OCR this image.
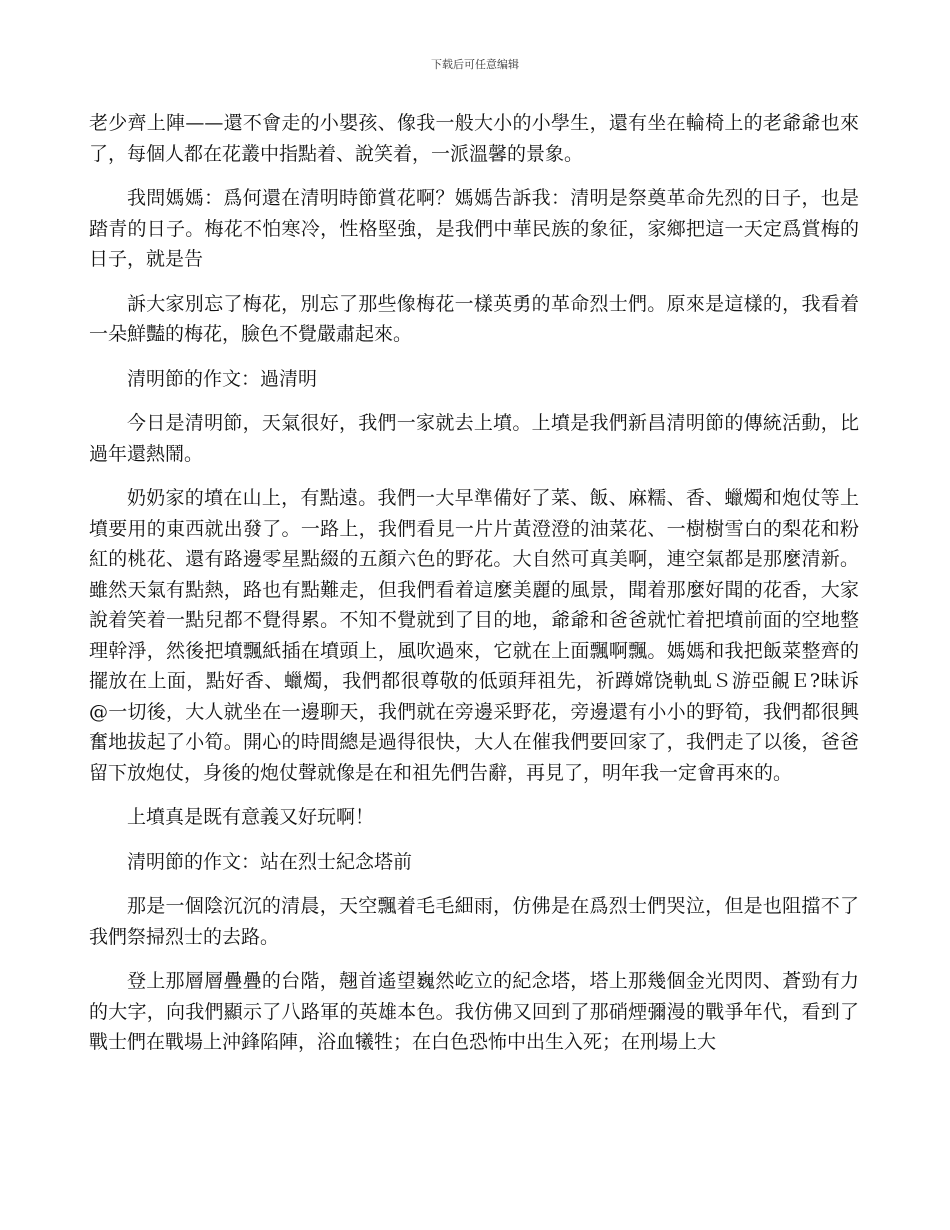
下载后可任意编辑

老少齊上陣——還不會走的小嬰孩、像我一般大小的小學生，還有坐在輪椅上的老爺爺也來了，每個人都在花叢中指點着、說笑着，一派溫馨的景象。

我問媽媽：爲何還在清明時節賞花啊？媽媽告訴我：清明是祭奠革命先烈的日子，也是踏青的日子。梅花不怕寒冷，性格堅強，是我們中華民族的象征，家鄉把這一天定爲賞梅的日子，就是告

訴大家別忘了梅花，別忘了那些像梅花一樣英勇的革命烈士們。原來是這樣的，我看着一朵鮮豔的梅花，臉色不覺嚴肅起來。

清明節的作文：過清明

今日是清明節，天氣很好，我們一家就去上墳。上墳是我們新昌清明節的傳統活動，比過年還熱鬧。

奶奶家的墳在山上，有點遠。我們一大早準備好了菜、飯、麻糯、香、蠟燭和炮仗等上墳要用的東西就出發了。一路上，我們看見一片片黃澄澄的油菜花、一樹樹雪白的梨花和粉紅的桃花、還有路邊零星點綴的五顏六色的野花。大自然可真美啊，連空氣都是那麼清新。雖然天氣有點熱，路也有點難走，但我們看着這麼美麗的風景，聞着那麼好聞的花香，大家說着笑着一點兒都不覺得累。不知不覺就到了目的地，爺爺和爸爸就忙着把墳前面的空地整理幹淨，然後把墳飄紙插在墳頭上，風吹過來，它就在上面飄啊飄。媽媽和我把飯菜整齊的擺放在上面，點好香、蠟燭，我們都很尊敬的低頭拜祖先，祈蹲嫦饶軌虬Ｓ游亞覦Ｅ?昧诉@一切後，大人就坐在一邊聊天，我們就在旁邊采野花，旁邊還有小小的野筍，我們都很興奮地拔起了小筍。開心的時間總是過得很快，大人在催我們要回家了，我們走了以後，爸爸留下放炮仗，身後的炮仗聲就像是在和祖先們告辭，再見了，明年我一定會再來的。

上墳真是既有意義又好玩啊！

清明節的作文：站在烈士紀念塔前

那是一個陰沉沉的清晨，天空飄着毛毛細雨，仿佛是在爲烈士們哭泣，但是也阻擋不了我們祭掃烈士的去路。

登上那層層疊疊的台階，翹首遙望巍然屹立的紀念塔，塔上那幾個金光閃閃、蒼勁有力的大字，向我們顯示了八路軍的英雄本色。我仿佛又回到了那硝煙彌漫的戰爭年代，看到了戰士們在戰場上沖鋒陷陣，浴血犧牲；在白色恐怖中出生入死；在刑場上大
